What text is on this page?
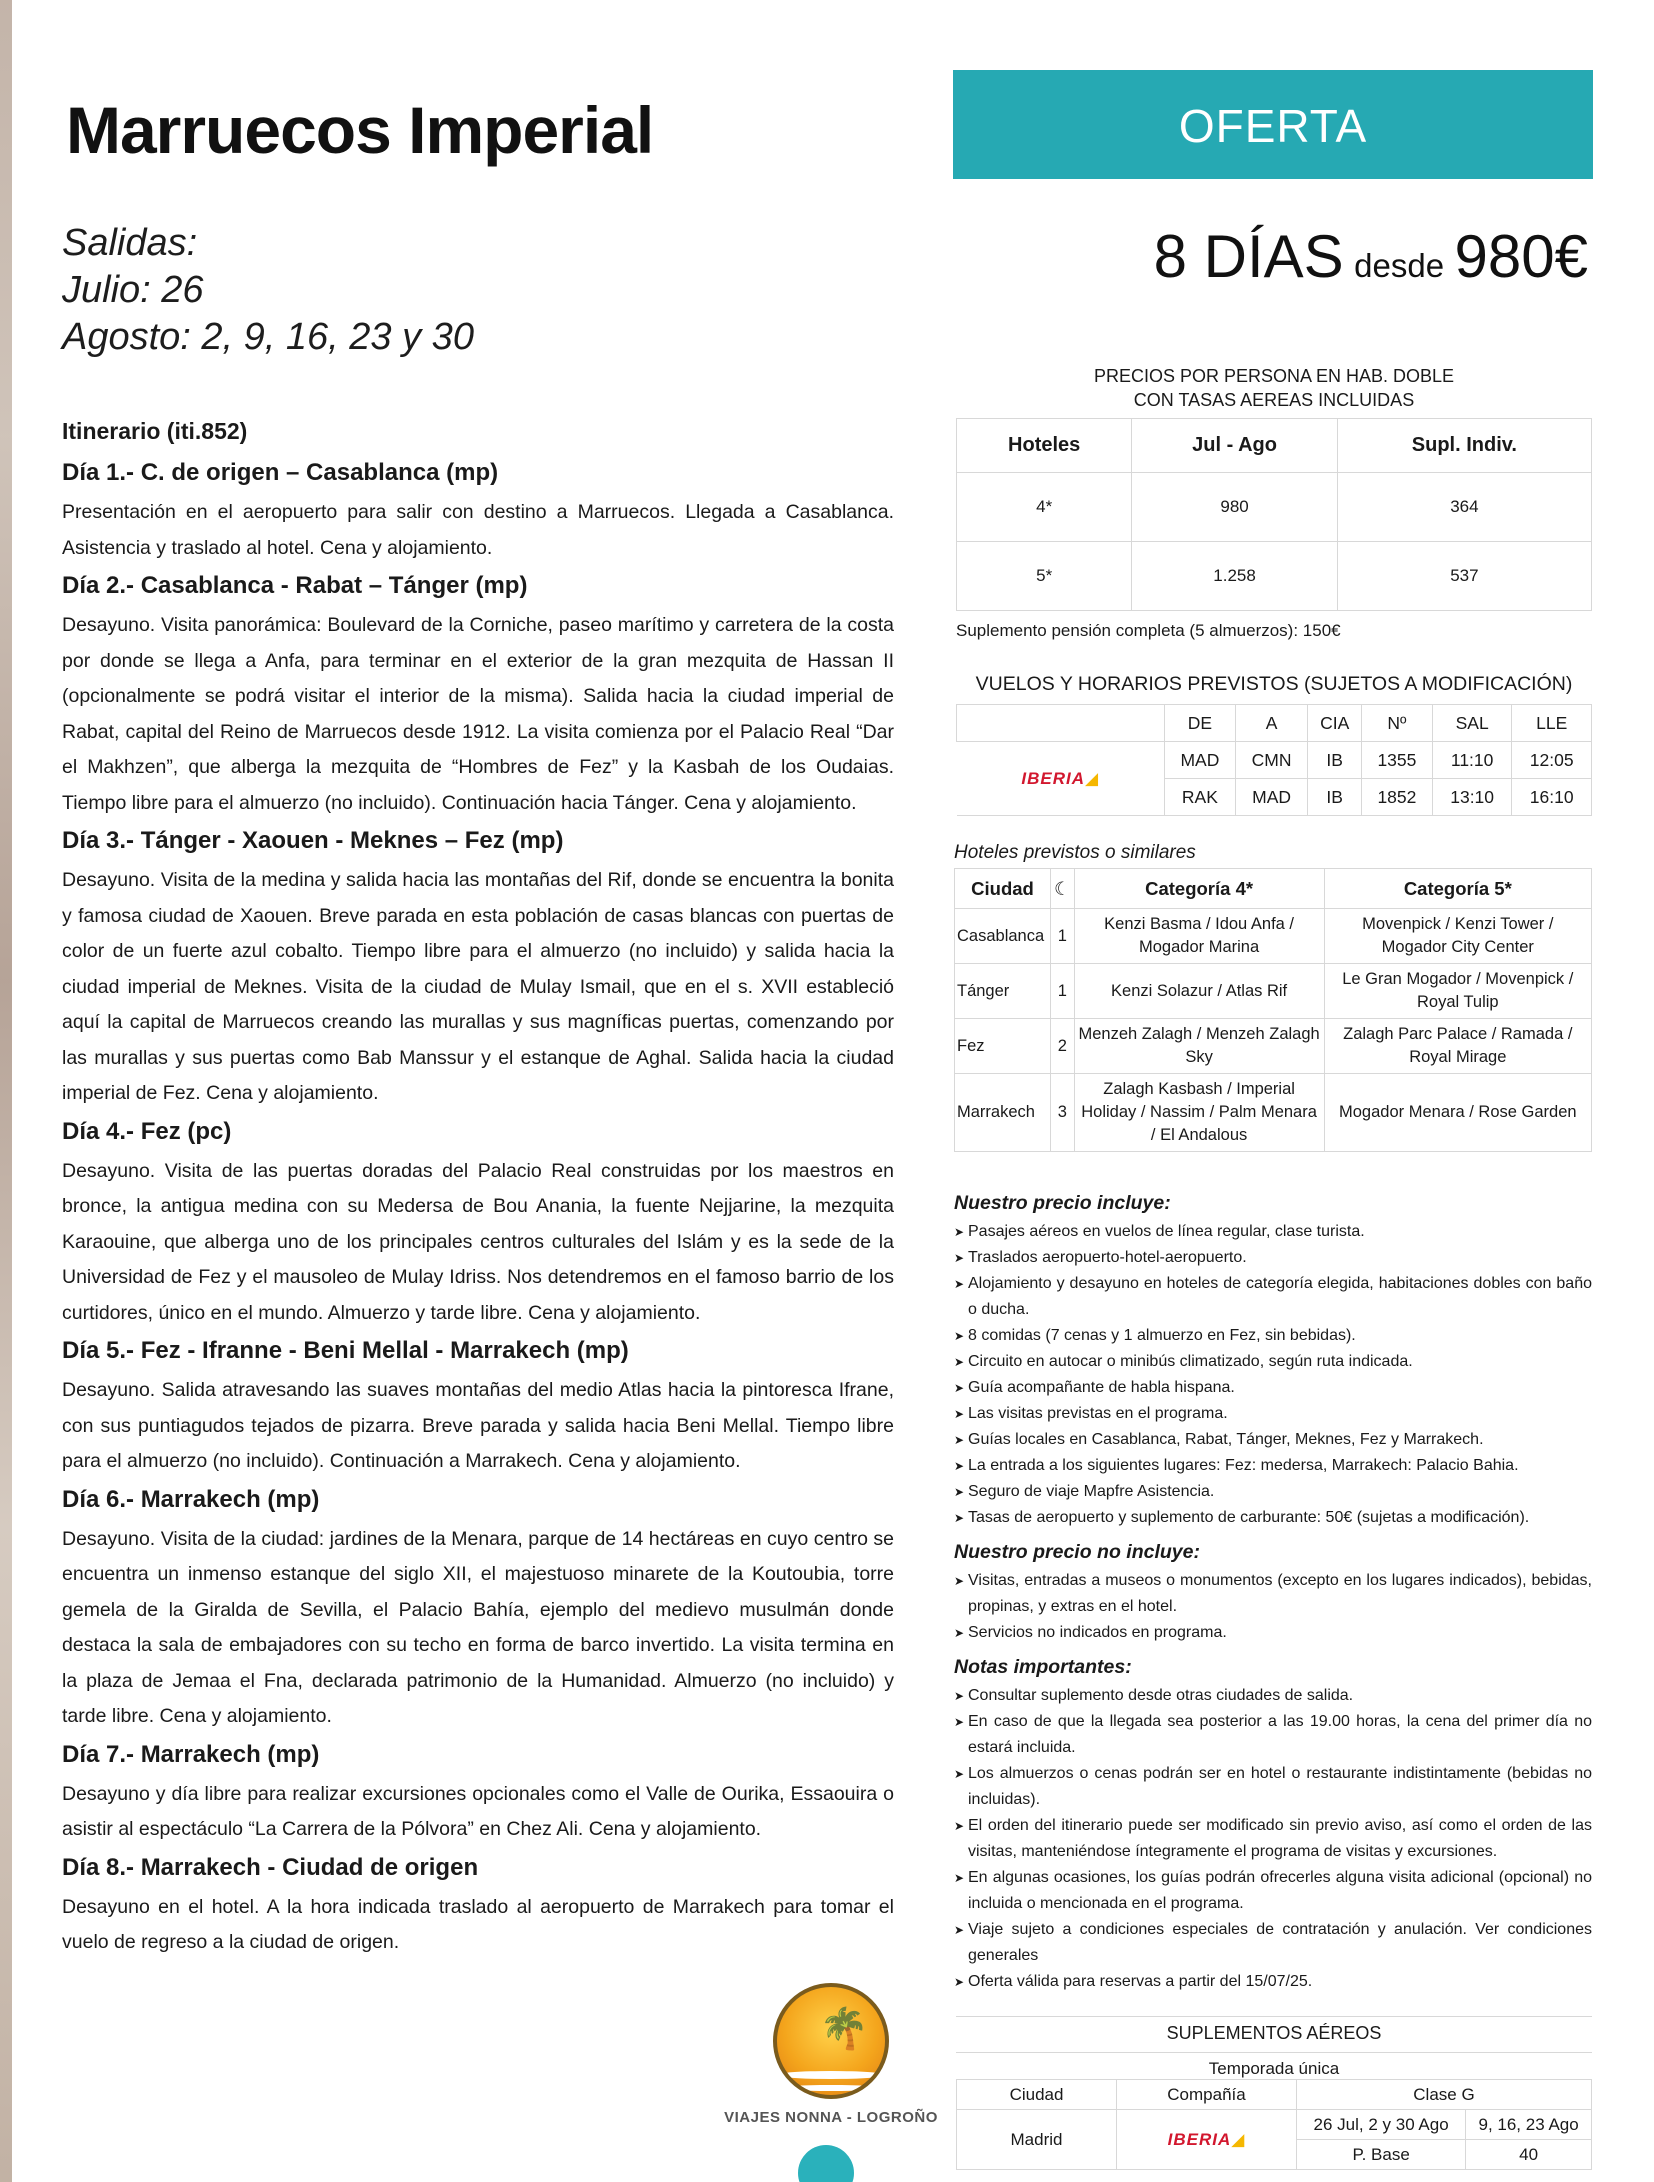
Marruecos Imperial
Salidas:
Julio: 26
Agosto: 2, 9, 16, 23 y 30
Itinerario (iti.852)
Día 1.- C. de origen – Casablanca (mp)
Presentación en el aeropuerto para salir con destino a Marruecos. Llegada a Casablanca. Asistencia y traslado al hotel. Cena y alojamiento.
Día 2.- Casablanca - Rabat – Tánger (mp)
Desayuno. Visita panorámica: Boulevard de la Corniche, paseo marítimo y carretera de la costa por donde se llega a Anfa, para terminar en el exterior de la gran mezquita de Hassan II (opcionalmente se podrá visitar el interior de la misma). Salida hacia la ciudad imperial de Rabat, capital del Reino de Marruecos desde 1912. La visita comienza por el Palacio Real “Dar el Makhzen”, que alberga la mezquita de “Hombres de Fez” y la Kasbah de los Oudaias. Tiempo libre para el almuerzo (no incluido). Continuación hacia Tánger. Cena y alojamiento.
Día 3.- Tánger - Xaouen - Meknes – Fez (mp)
Desayuno. Visita de la medina y salida hacia las montañas del Rif, donde se encuentra la bonita y famosa ciudad de Xaouen. Breve parada en esta población de casas blancas con puertas de color de un fuerte azul cobalto. Tiempo libre para el almuerzo (no incluido) y salida hacia la ciudad imperial de Meknes. Visita de la ciudad de Mulay Ismail, que en el s. XVII estableció aquí la capital de Marruecos creando las murallas y sus magníficas puertas, comenzando por las murallas y sus puertas como Bab Manssur y el estanque de Aghal. Salida hacia la ciudad imperial de Fez. Cena y alojamiento.
Día 4.- Fez (pc)
Desayuno. Visita de las puertas doradas del Palacio Real construidas por los maestros en bronce, la antigua medina con su Medersa de Bou Anania, la fuente Nejjarine, la mezquita Karaouine, que alberga uno de los principales centros culturales del Islám y es la sede de la Universidad de Fez y el mausoleo de Mulay Idriss. Nos detendremos en el famoso barrio de los curtidores, único en el mundo. Almuerzo y tarde libre. Cena y alojamiento.
Día 5.- Fez - Ifranne - Beni Mellal - Marrakech (mp)
Desayuno. Salida atravesando las suaves montañas del medio Atlas hacia la pintoresca Ifrane, con sus puntiagudos tejados de pizarra. Breve parada y salida hacia Beni Mellal. Tiempo libre para el almuerzo (no incluido). Continuación a Marrakech. Cena y alojamiento.
Día 6.- Marrakech (mp)
Desayuno. Visita de la ciudad: jardines de la Menara, parque de 14 hectáreas en cuyo centro se encuentra un inmenso estanque del siglo XII, el majestuoso minarete de la Koutoubia, torre gemela de la Giralda de Sevilla, el Palacio Bahía, ejemplo del medievo musulmán donde destaca la sala de embajadores con su techo en forma de barco invertido. La visita termina en la plaza de Jemaa el Fna, declarada patrimonio de la Humanidad. Almuerzo (no incluido) y tarde libre. Cena y alojamiento.
Día 7.- Marrakech (mp)
Desayuno y día libre para realizar excursiones opcionales como el Valle de Ourika, Essaouira o asistir al espectáculo “La Carrera de la Pólvora” en Chez Ali. Cena y alojamiento.
Día 8.- Marrakech - Ciudad de origen
Desayuno en el hotel. A la hora indicada traslado al aeropuerto de Marrakech para tomar el vuelo de regreso a la ciudad de origen.
🌴
VIAJES NONNA - LOGROÑO
OFERTA
8 DÍAS desde 980€
PRECIOS POR PERSONA EN HAB. DOBLE
CON TASAS AEREAS INCLUIDAS
Hoteles	Jul - Ago	Supl. Indiv.
4*	980	364
5*	1.258	537
Suplemento pensión completa (5 almuerzos): 150€
VUELOS Y HORARIOS PREVISTOS (SUJETOS A MODIFICACIÓN)
	DE	A	CIA	Nº	SAL	LLE
IBERIA◢	MAD	CMN	IB	1355	11:10	12:05
	RAK	MAD	IB	1852	13:10	16:10
Hoteles previstos o similares
Ciudad	☾	Categoría 4*	Categoría 5*
Casablanca	1	Kenzi Basma / Idou Anfa / Mogador Marina	Movenpick / Kenzi Tower / Mogador City Center
Tánger	1	Kenzi Solazur / Atlas Rif	Le Gran Mogador / Movenpick / Royal Tulip
Fez	2	Menzeh Zalagh / Menzeh Zalagh Sky	Zalagh Parc Palace / Ramada / Royal Mirage
Marrakech	3	Zalagh Kasbash / Imperial Holiday / Nassim / Palm Menara / El Andalous	Mogador Menara / Rose Garden
Nuestro precio incluye:
➤ Pasajes aéreos en vuelos de línea regular, clase turista.
➤ Traslados aeropuerto-hotel-aeropuerto.
➤ Alojamiento y desayuno en hoteles de categoría elegida, habitaciones dobles con baño o ducha.
➤ 8 comidas (7 cenas y 1 almuerzo en Fez, sin bebidas).
➤ Circuito en autocar o minibús climatizado, según ruta indicada.
➤ Guía acompañante de habla hispana.
➤ Las visitas previstas en el programa.
➤ Guías locales en Casablanca, Rabat, Tánger, Meknes, Fez y Marrakech.
➤ La entrada a los siguientes lugares: Fez: medersa, Marrakech: Palacio Bahia.
➤ Seguro de viaje Mapfre Asistencia.
➤ Tasas de aeropuerto y suplemento de carburante: 50€ (sujetas a modificación).
Nuestro precio no incluye:
➤ Visitas, entradas a museos o monumentos (excepto en los lugares indicados), bebidas, propinas, y extras en el hotel.
➤ Servicios no indicados en programa.
Notas importantes:
➤ Consultar suplemento desde otras ciudades de salida.
➤ En caso de que la llegada sea posterior a las 19.00 horas, la cena del primer día no estará incluida.
➤ Los almuerzos o cenas podrán ser en hotel o restaurante indistintamente (bebidas no incluidas).
➤ El orden del itinerario puede ser modificado sin previo aviso, así como el orden de las visitas, manteniéndose íntegramente el programa de visitas y excursiones.
➤ En algunas ocasiones, los guías podrán ofrecerles alguna visita adicional (opcional) no incluida o mencionada en el programa.
➤ Viaje sujeto a condiciones especiales de contratación y anulación. Ver condiciones generales
➤ Oferta válida para reservas a partir del 15/07/25.
SUPLEMENTOS AÉREOS
Temporada única
Ciudad	Compañía	Clase G	
Madrid	IBERIA◢	26 Jul, 2 y 30 Ago	9, 16, 23 Ago
		P. Base	40
